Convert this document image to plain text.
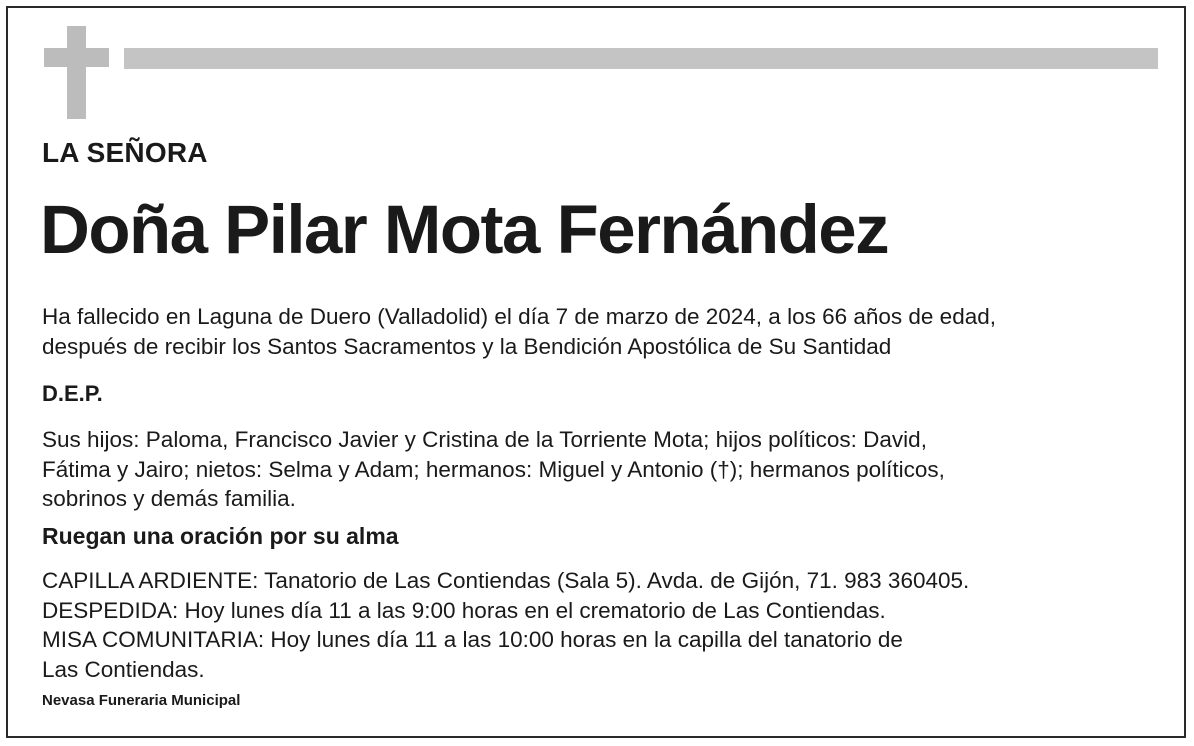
LA SEÑORA
Doña Pilar Mota Fernández
Ha fallecido en Laguna de Duero (Valladolid) el día 7 de marzo de 2024, a los 66 años de edad,
después de recibir los Santos Sacramentos y la Bendición Apostólica de Su Santidad
D.E.P.
Sus hijos: Paloma, Francisco Javier y Cristina de la Torriente Mota; hijos políticos: David,
Fátima y Jairo; nietos: Selma y Adam; hermanos: Miguel y Antonio (†); hermanos políticos,
sobrinos y demás familia.
Ruegan una oración por su alma
CAPILLA ARDIENTE: Tanatorio de Las Contiendas (Sala 5). Avda. de Gijón, 71. 983 360405.
DESPEDIDA: Hoy lunes día 11 a las 9:00 horas en el crematorio de Las Contiendas.
MISA COMUNITARIA: Hoy lunes día 11 a las 10:00 horas en la capilla del tanatorio de
Las Contiendas.
Nevasa Funeraria Municipal
